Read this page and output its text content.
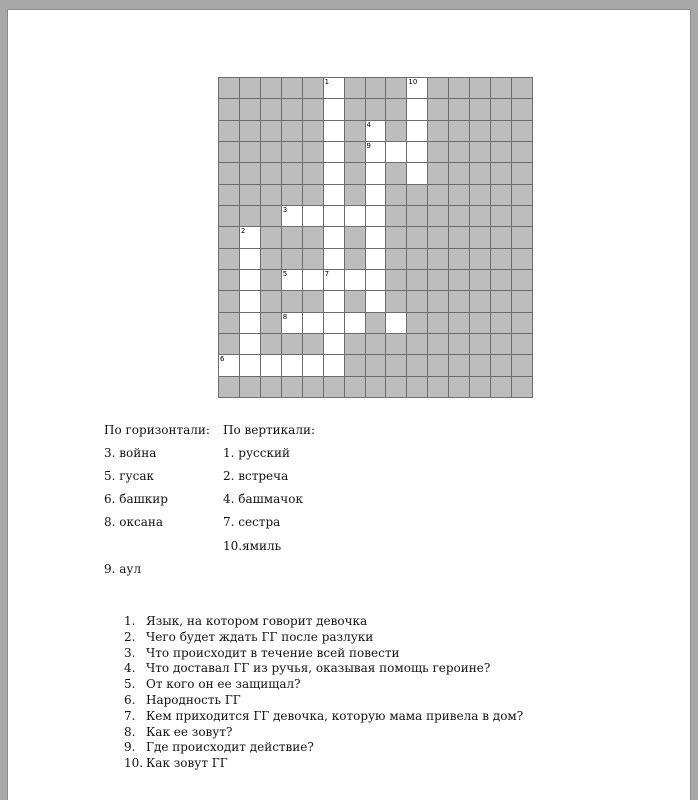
1	10
4
9
3
2
5	7
8
6
По горизонтали: По вертикали:
3. война
5. гусак
6. башкир
8. оксана
9. аул
1. русский
2. встреча
4. башмачок
7. сестра
10.ямиль
1. Язык, на котором говорит девочка
2. Чего будет ждать ГГ после разлуки
3. Что происходит в течение всей повести
4. Что доставал ГГ из ручья, оказывая помощь героине?
5. От кого он ее защищал?
6. Народность ГГ
7. Кем приходится ГГ девочка, которую мама привела в дом?
8. Как ее зовут?
9. Где происходит действие?
10. Как зовут ГГ
